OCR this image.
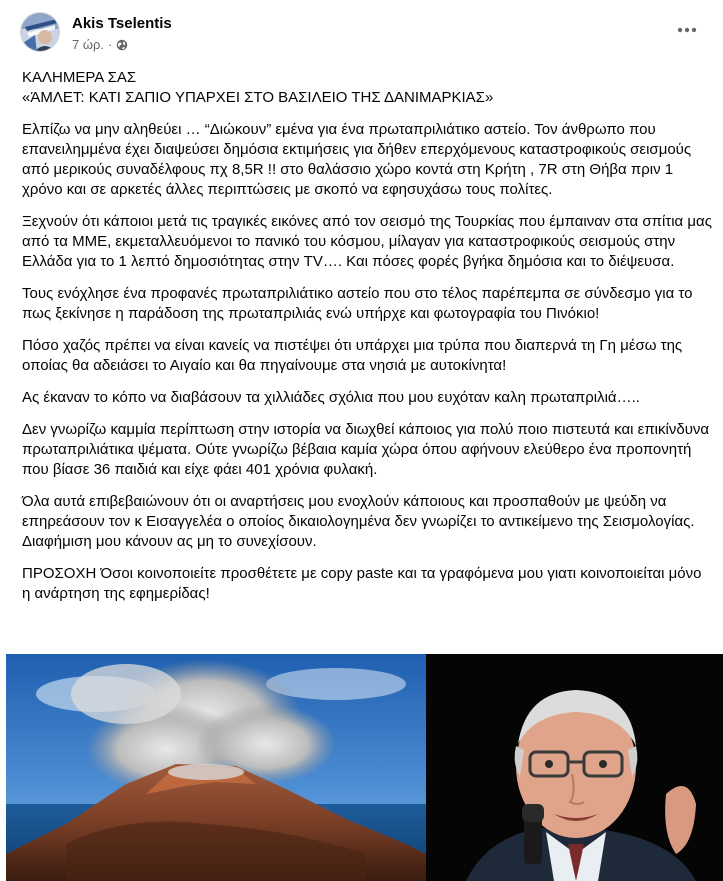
Akis Tselentis
7 ώρ. ·

ΚΑΛΗΜΕΡΑ ΣΑΣ

«ΆΜΛΕΤ: ΚΑΤΙ ΣΑΠΙΟ ΥΠΑΡΧΕΙ ΣΤΟ ΒΑΣΙΛΕΙΟ ΤΗΣ ΔΑΝΙΜΑΡΚΙΑΣ»

Ελπίζω να μην αληθεύει … “Διώκουν” εμένα για ένα πρωταπριλιάτικο αστείο. Τον άνθρωπο που επανειλημμένα έχει διαψεύσει δημόσια εκτιμήσεις για δήθεν επερχόμενους καταστροφικούς σεισμούς από μερικούς συναδέλφους πχ 8,5R !! στο θαλάσσιο χώρο κοντά στη Κρήτη , 7R στη Θήβα πριν 1 χρόνο και σε αρκετές άλλες περιπτώσεις με σκοπό να εφησυχάσω τους πολίτες.

Ξεχνούν ότι κάποιοι μετά τις τραγικές εικόνες από τον σεισμό της Τουρκίας που έμπαιναν στα σπίτια μας από τα ΜΜΕ, εκμεταλλευόμενοι το πανικό του κόσμου, μίλαγαν για καταστροφικούς σεισμούς στην Ελλάδα για το 1 λεπτό δημοσιότητας στην TV…. Και πόσες φορές βγήκα δημόσια και το διέψευσα.

Τους ενόχλησε ένα προφανές πρωταπριλιάτικο αστείο που στο τέλος παρέπεμπα σε σύνδεσμο για το πως ξεκίνησε η παράδοση της πρωταπριλιάς ενώ υπήρχε και φωτογραφία του Πινόκιο!

Πόσο χαζός πρέπει να είναι κανείς να πιστέψει ότι υπάρχει μια τρύπα που διαπερνά τη Γη μέσω της οποίας θα αδειάσει το Αιγαίο και θα πηγαίνουμε στα νησιά με αυτοκίνητα!

Ας έκαναν το κόπο να διαβάσουν τα χιλλιάδες σχόλια που μου ευχόταν καλη πρωταπριλιά…..

Δεν γνωρίζω καμμία περίπτωση στην ιστορία να διωχθεί κάποιος για πολύ ποιο πιστευτά και επικίνδυνα πρωταπριλιάτικα ψέματα. Ούτε γνωρίζω βέβαια καμία χώρα όπου αφήνουν ελεύθερο ένα προπονητή που βίασε 36 παιδιά και είχε φάει 401 χρόνια φυλακή.

Όλα αυτά επιβεβαιώνουν ότι οι αναρτήσεις μου ενοχλούν κάποιους και προσπαθούν με ψεύδη να επηρεάσουν τον κ Εισαγγελέα ο οποίος δικαιολογημένα δεν γνωρίζει το αντικείμενο της Σεισμολογίας. Διαφήμιση μου κάνουν ας μη το συνεχίσουν.

ΠΡΟΣΟΧΗ Όσοι κοινοποιείτε προσθέτετε με copy paste και τα γραφόμενα μου γιατι κοινοποιείται μόνο η ανάρτηση της εφημερίδας!
